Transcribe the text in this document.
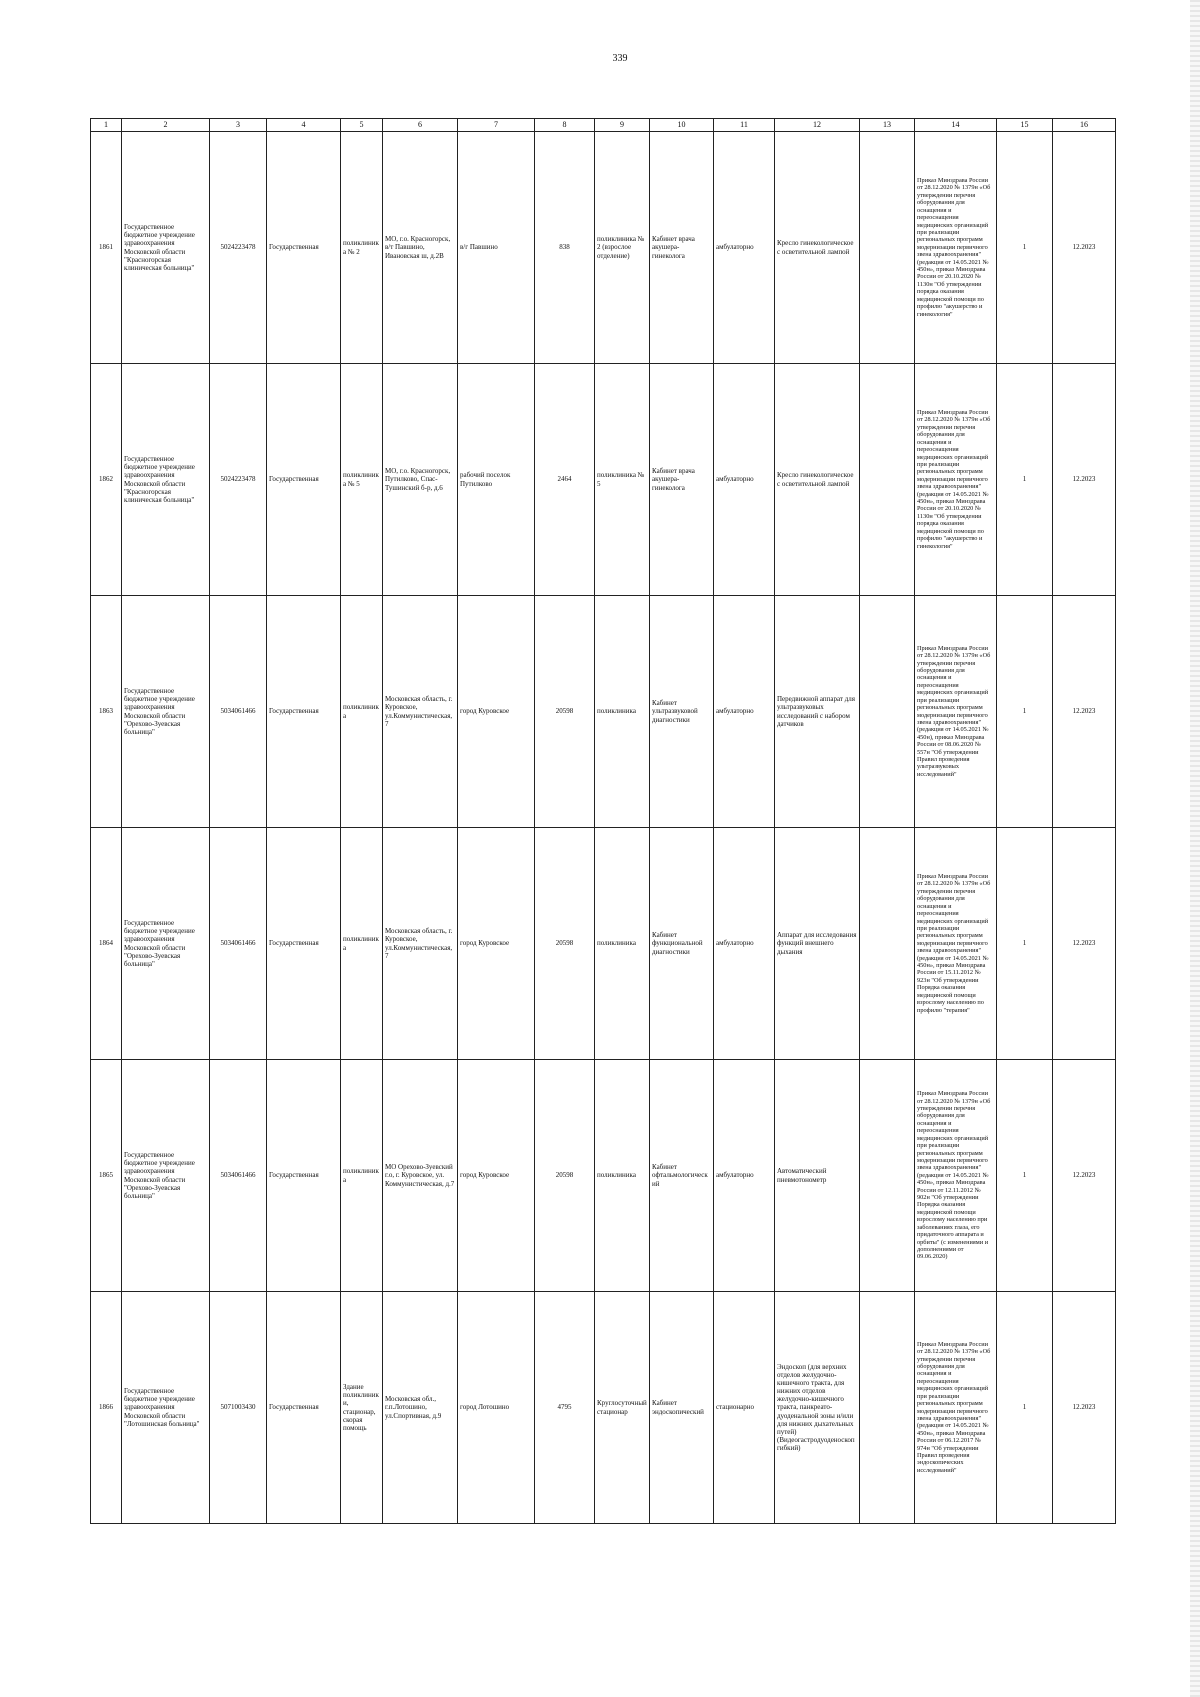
339
1	2	3	4	5	6	7	8	9	10	11	12	13	14	15	16
1861	Государственное бюджетное учреждение здравоохранения Московской области "Красногорская клиническая больница"	5024223478	Государственная	поликлиника № 2	МО, г.о. Красногорск, в/т Павшино, Ивановская ш, д.2В	в/г Павшино	838	поликлиника № 2 (взрослое отделение)	Кабинет врача акушера-гинеколога	амбулаторно	Кресло гинекологическое с осветительной лампой		Приказ Минздрава России от 28.12.2020 № 1379н «Об утверждении перечня оборудования для оснащения и переоснащения медицинских организаций при реализации региональных программ модернизации первичного звена здравоохранения"(редакция от 14.05.2021 № 450н», приказ Минздрава России от 20.10.2020 № 1130н "Об утверждении порядка оказания медицинской помощи по профилю "акушерство и гинекология"	1	12.2023
1862	Государственное бюджетное учреждение здравоохранения Московской области "Красногорская клиническая больница"	5024223478	Государственная	поликлиника № 5	МО, г.о. Красногорск, Путилково, Спас-Тушинский б-р, д.6	рабочий поселок Путилково	2464	поликлиника № 5	Кабинет врача акушера-гинеколога	амбулаторно	Кресло гинекологическое с осветительной лампой		Приказ Минздрава России от 28.12.2020 № 1379н «Об утверждении перечня оборудования для оснащения и переоснащения медицинских организаций при реализации региональных программ модернизации первичного звена здравоохранения"(редакция от 14.05.2021 № 450н», приказ Минздрава России от 20.10.2020 № 1130н "Об утверждении порядка оказания медицинской помощи по профилю "акушерство и гинекология"	1	12.2023
1863	Государственное бюджетное учреждение здравоохранения Московской области "Орехово-Зуевская больница"	5034061466	Государственная	поликлиника	Московская область, г. Куровское, ул.Коммунистическая, 7	город Куровское	20598	поликлиника	Кабинет ультразвуковой диагностики	амбулаторно	Передвижной аппарат для ультразвуковых исследований с набором датчиков		Приказ Минздрава России от 28.12.2020 № 1379н «Об утверждении перечня оборудования для оснащения и переоснащения медицинских организаций при реализации региональных программ модернизации первичного звена здравоохранения"(редакция от 14.05.2021 № 450н), приказ Минздрава России от 08.06.2020 № 557н "Об утверждении Правил проведения ультразвуковых исследований"	1	12.2023
1864	Государственное бюджетное учреждение здравоохранения Московской области "Орехово-Зуевская больница"	5034061466	Государственная	поликлиника	Московская область, г. Куровское, ул.Коммунистическая, 7	город Куровское	20598	поликлиника	Кабинет функциональной диагностики	амбулаторно	Аппарат для исследования функций внешнего дыхания		Приказ Минздрава России от 28.12.2020 № 1379н «Об утверждении перечня оборудования для оснащения и переоснащения медицинских организаций при реализации региональных программ модернизации первичного звена здравоохранения"(редакция от 14.05.2021 № 450н», приказ Минздрава России от 15.11.2012 № 923н "Об утверждении Порядка оказания медицинской помощи взрослому населению по профилю "терапия"	1	12.2023
1865	Государственное бюджетное учреждение здравоохранения Московской области "Орехово-Зуевская больница"	5034061466	Государственная	поликлиника	МО Орехово-Зуевский г.о, г. Куровское, ул. Коммунистическая, д.7	город Куровское	20598	поликлиника	Кабинет офтальмологический	амбулаторно	Автоматический пневмотонометр		Приказ Минздрава России от 28.12.2020 № 1379н «Об утверждении перечня оборудования для оснащения и переоснащения медицинских организаций при реализации региональных программ модернизации первичного звена здравоохранения"(редакция от 14.05.2021 № 450н», приказ Минздрава России от 12.11.2012 № 902н "Об утверждении Порядка оказания медицинской помощи взрослому населению при заболеваниях глаза, его придаточного аппарата и орбиты" (с изменениями и дополнениями от 09.06.2020)	1	12.2023
1866	Государственное бюджетное учреждение здравоохранения Московской области "Лотошинская больница"	5071003430	Государственная	Здание поликлиники, стационар, скорая помощь	Московская обл., г.п.Лотошино, ул.Спортивная, д.9	город Лотошино	4795	Круглосуточный стационар	Кабинет эндоскопический	стационарно	Эндоскоп (для верхних отделов желудочно-кишечного тракта, для нижних отделов желудочно-кишечного тракта, панкреато-дуоденальной зоны и/или для нижних дыхательных путей) (Видеогастродуоденоскоп гибкий)		Приказ Минздрава России от 28.12.2020 № 1379н «Об утверждении перечня оборудования для оснащения и переоснащения медицинских организаций при реализации региональных программ модернизации первичного звена здравоохранения"(редакция от 14.05.2021 № 450н», приказ Минздрава России от 06.12.2017 № 974н "Об утверждении Правил проведения эндоскопических исследований"	1	12.2023
